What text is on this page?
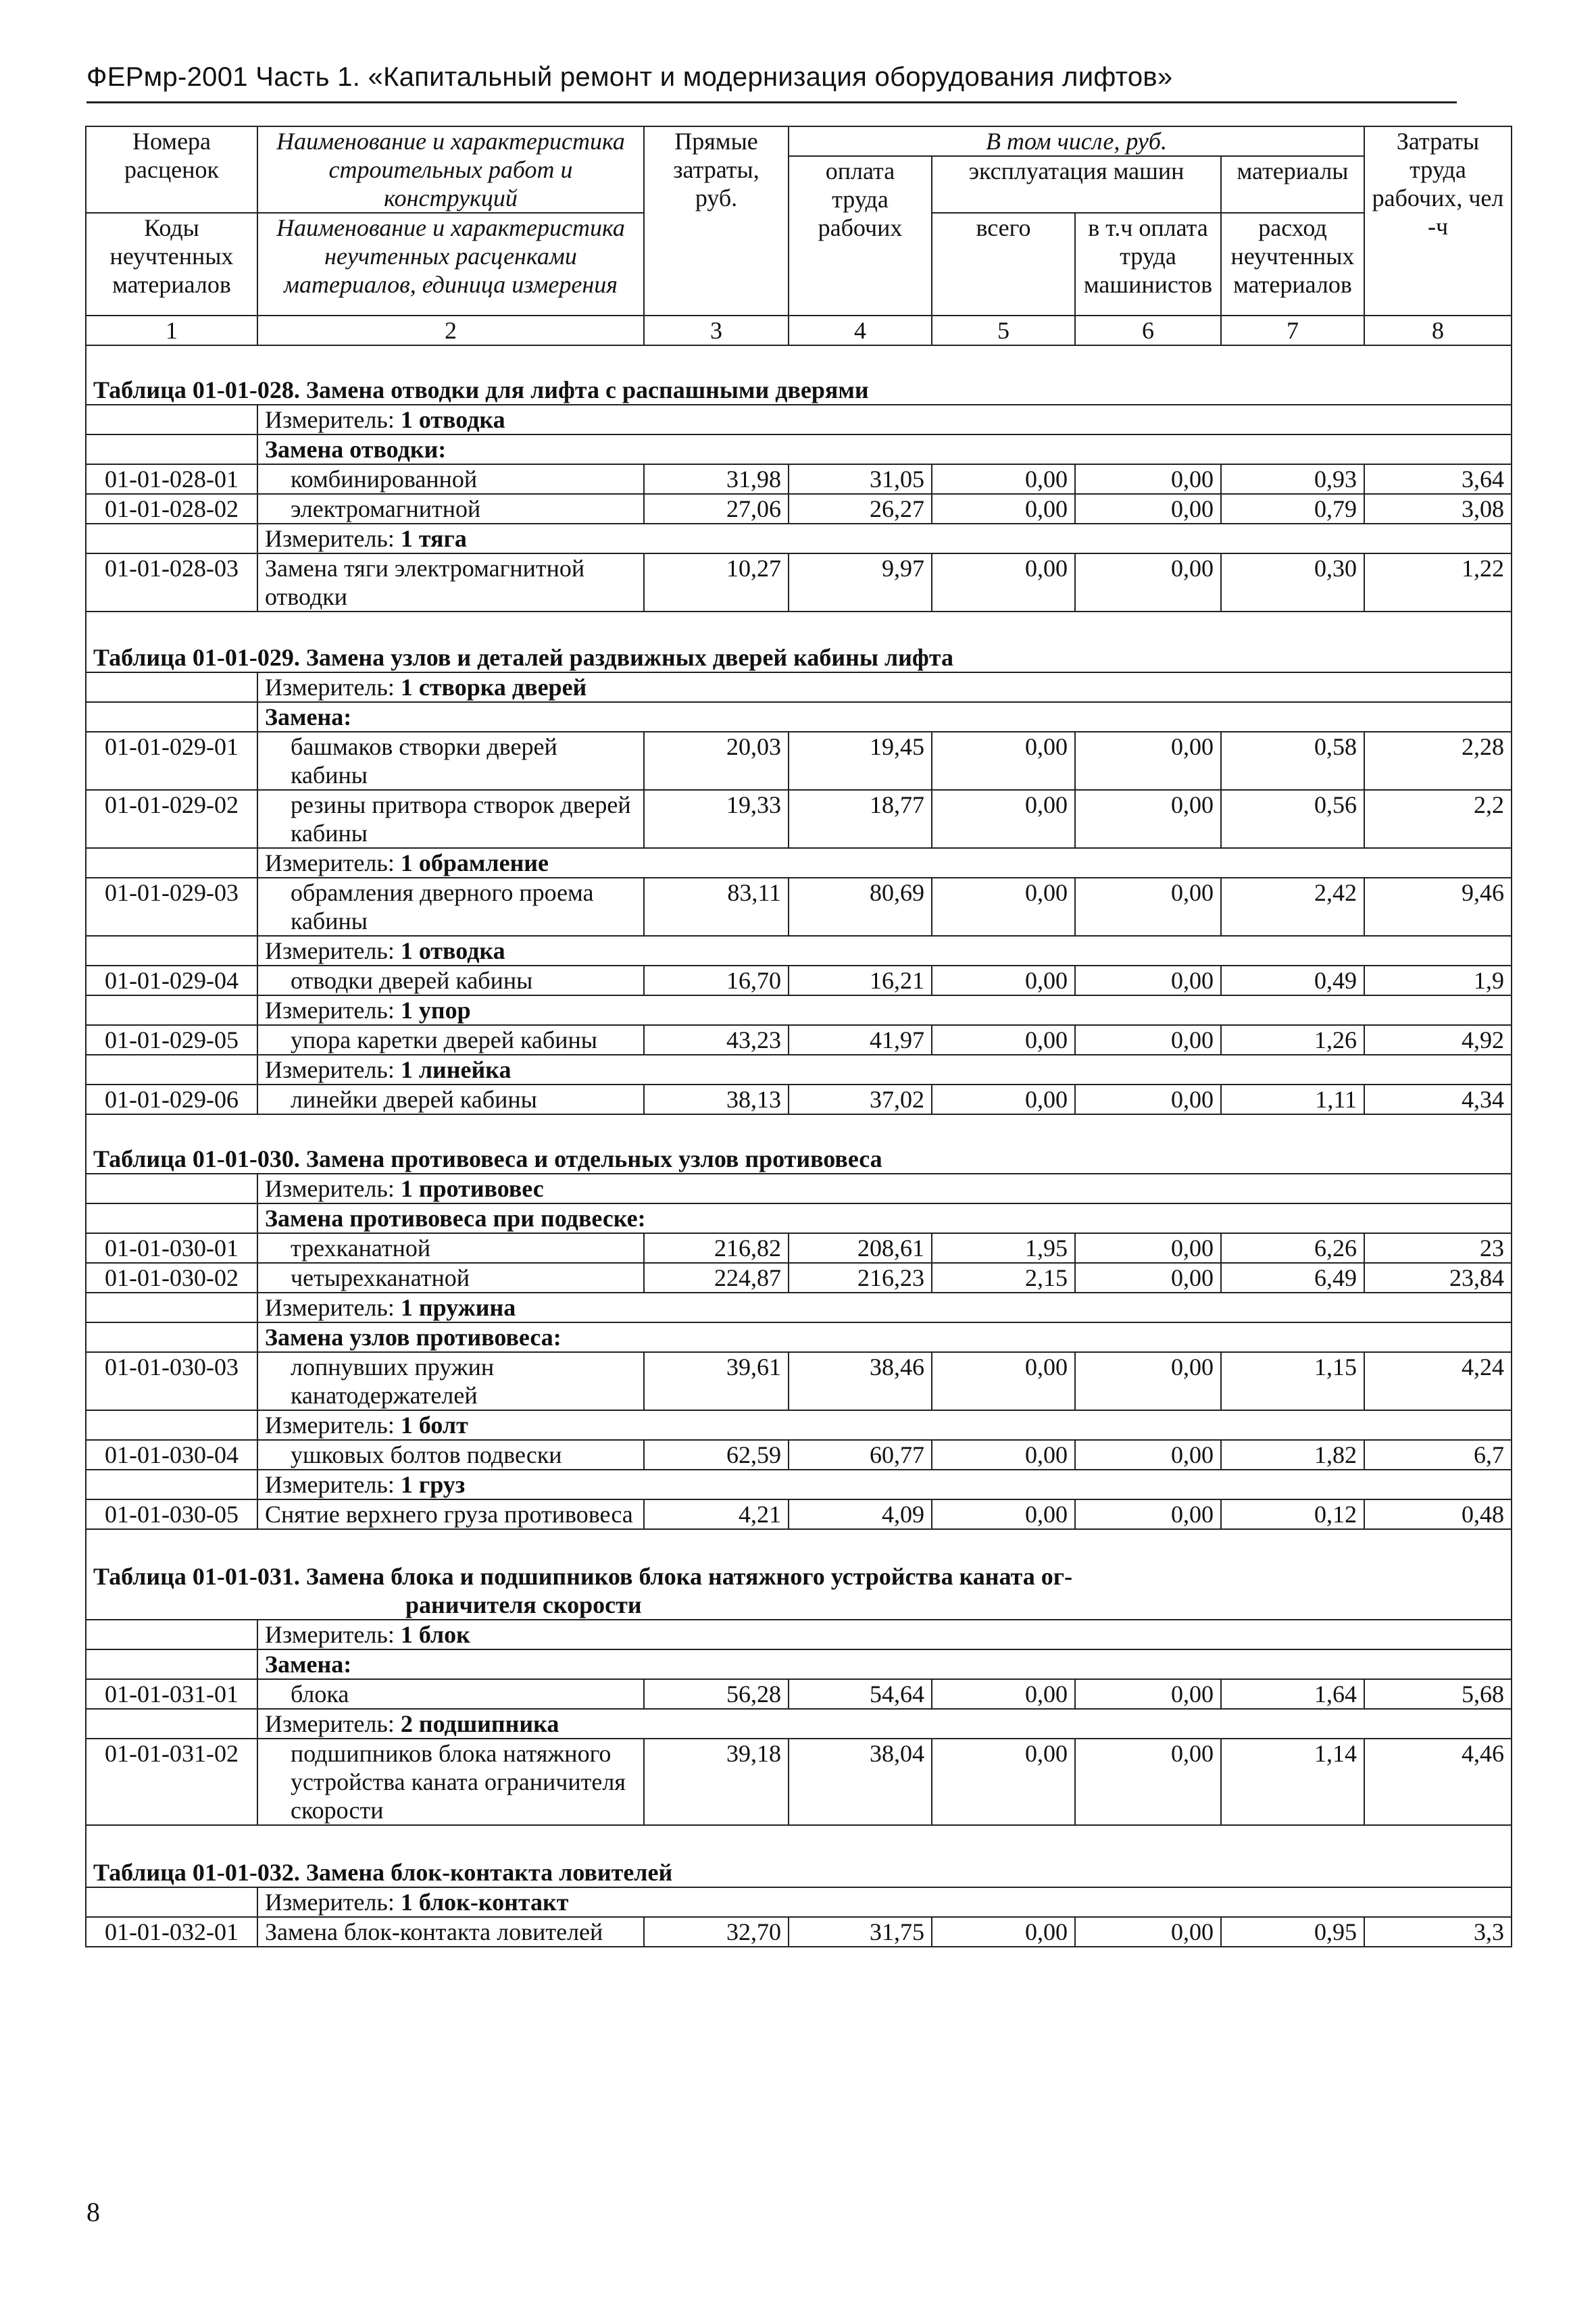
ФЕРмр-2001 Часть 1. «Капитальный ремонт и модернизация оборудования лифтов»
Номера расценок	Наименование и характеристика строительных работ и конструкций	Прямые затраты, руб.	В том числе, руб.				Затраты труда рабочих, чел -ч
			оплата труда рабочих	эксплуатация машин		материалы	
Коды неучтенных материалов	Наименование и характеристика неучтенных расценками материалов, единица измерения			всего	в т.ч оплата труда машинистов	расход неучтенных материалов	

1	2	3	4	5	6	7	8
Таблица 01-01-028. Замена отводки для лифта с распашными дверями							
	Измеритель: 1 отводка						
	Замена отводки:						
01-01-028-01	комбинированной	31,98	31,05	0,00	0,00	0,93	3,64
01-01-028-02	электромагнитной	27,06	26,27	0,00	0,00	0,79	3,08
	Измеритель: 1 тяга						
01-01-028-03	Замена тяги электромагнитной отводки	10,27	9,97	0,00	0,00	0,30	1,22
Таблица 01-01-029. Замена узлов и деталей раздвижных дверей кабины лифта							
	Измеритель: 1 створка дверей						
	Замена:						
01-01-029-01	башмаков створки дверей кабины	20,03	19,45	0,00	0,00	0,58	2,28
01-01-029-02	резины притвора створок дверей кабины	19,33	18,77	0,00	0,00	0,56	2,2
	Измеритель: 1 обрамление						
01-01-029-03	обрамления дверного проема кабины	83,11	80,69	0,00	0,00	2,42	9,46
	Измеритель: 1 отводка						
01-01-029-04	отводки дверей кабины	16,70	16,21	0,00	0,00	0,49	1,9
	Измеритель: 1 упор						
01-01-029-05	упора каретки дверей кабины	43,23	41,97	0,00	0,00	1,26	4,92
	Измеритель: 1 линейка						
01-01-029-06	линейки дверей кабины	38,13	37,02	0,00	0,00	1,11	4,34
Таблица 01-01-030. Замена противовеса и отдельных узлов противовеса							
	Измеритель: 1 противовес						
	Замена противовеса при подвеске:						
01-01-030-01	трехканатной	216,82	208,61	1,95	0,00	6,26	23
01-01-030-02	четырехканатной	224,87	216,23	2,15	0,00	6,49	23,84
	Измеритель: 1 пружина						
	Замена узлов противовеса:						
01-01-030-03	лопнувших пружин канатодержателей	39,61	38,46	0,00	0,00	1,15	4,24
	Измеритель: 1 болт						
01-01-030-04	ушковых болтов подвески	62,59	60,77	0,00	0,00	1,82	6,7
	Измеритель: 1 груз						
01-01-030-05	Снятие верхнего груза противовеса	4,21	4,09	0,00	0,00	0,12	0,48
Таблица 01-01-031. Замена блока и подшипников блока натяжного устройства каната ог-
раничителя скорости							

	Измеритель: 1 блок						
	Замена:						
01-01-031-01	блока	56,28	54,64	0,00	0,00	1,64	5,68
	Измеритель: 2 подшипника						
01-01-031-02	подшипников блока натяжного устройства каната ограничителя скорости	39,18	38,04	0,00	0,00	1,14	4,46
Таблица 01-01-032. Замена блок-контакта ловителей							
	Измеритель: 1 блок-контакт						
01-01-032-01	Замена блок-контакта ловителей	32,70	31,75	0,00	0,00	0,95	3,3
8
